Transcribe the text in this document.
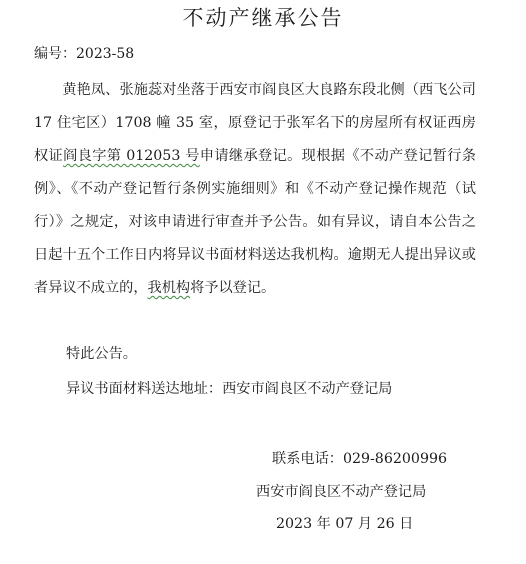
不动产继承公告
编号：2023-58

黄艳凤、张施蕊对坐落于西安市阎良区大良路东段北侧（西飞公司 17 住宅区）1708 幢 35 室，原登记于张军名下的房屋所有权证西房权证阎良字第 012053 号申请继承登记。现根据《不动产登记暂行条例》、《不动产登记暂行条例实施细则》和《不动产登记操作规范（试行）》之规定，对该申请进行审查并予公告。如有异议，请自本公告之日起十五个工作日内将异议书面材料送达我机构。逾期无人提出异议或者异议不成立的，我机构将予以登记。

特此公告。
异议书面材料送达地址：西安市阎良区不动产登记局
联系电话：029-86200996
西安市阎良区不动产登记局
2023 年 07 月 26 日
